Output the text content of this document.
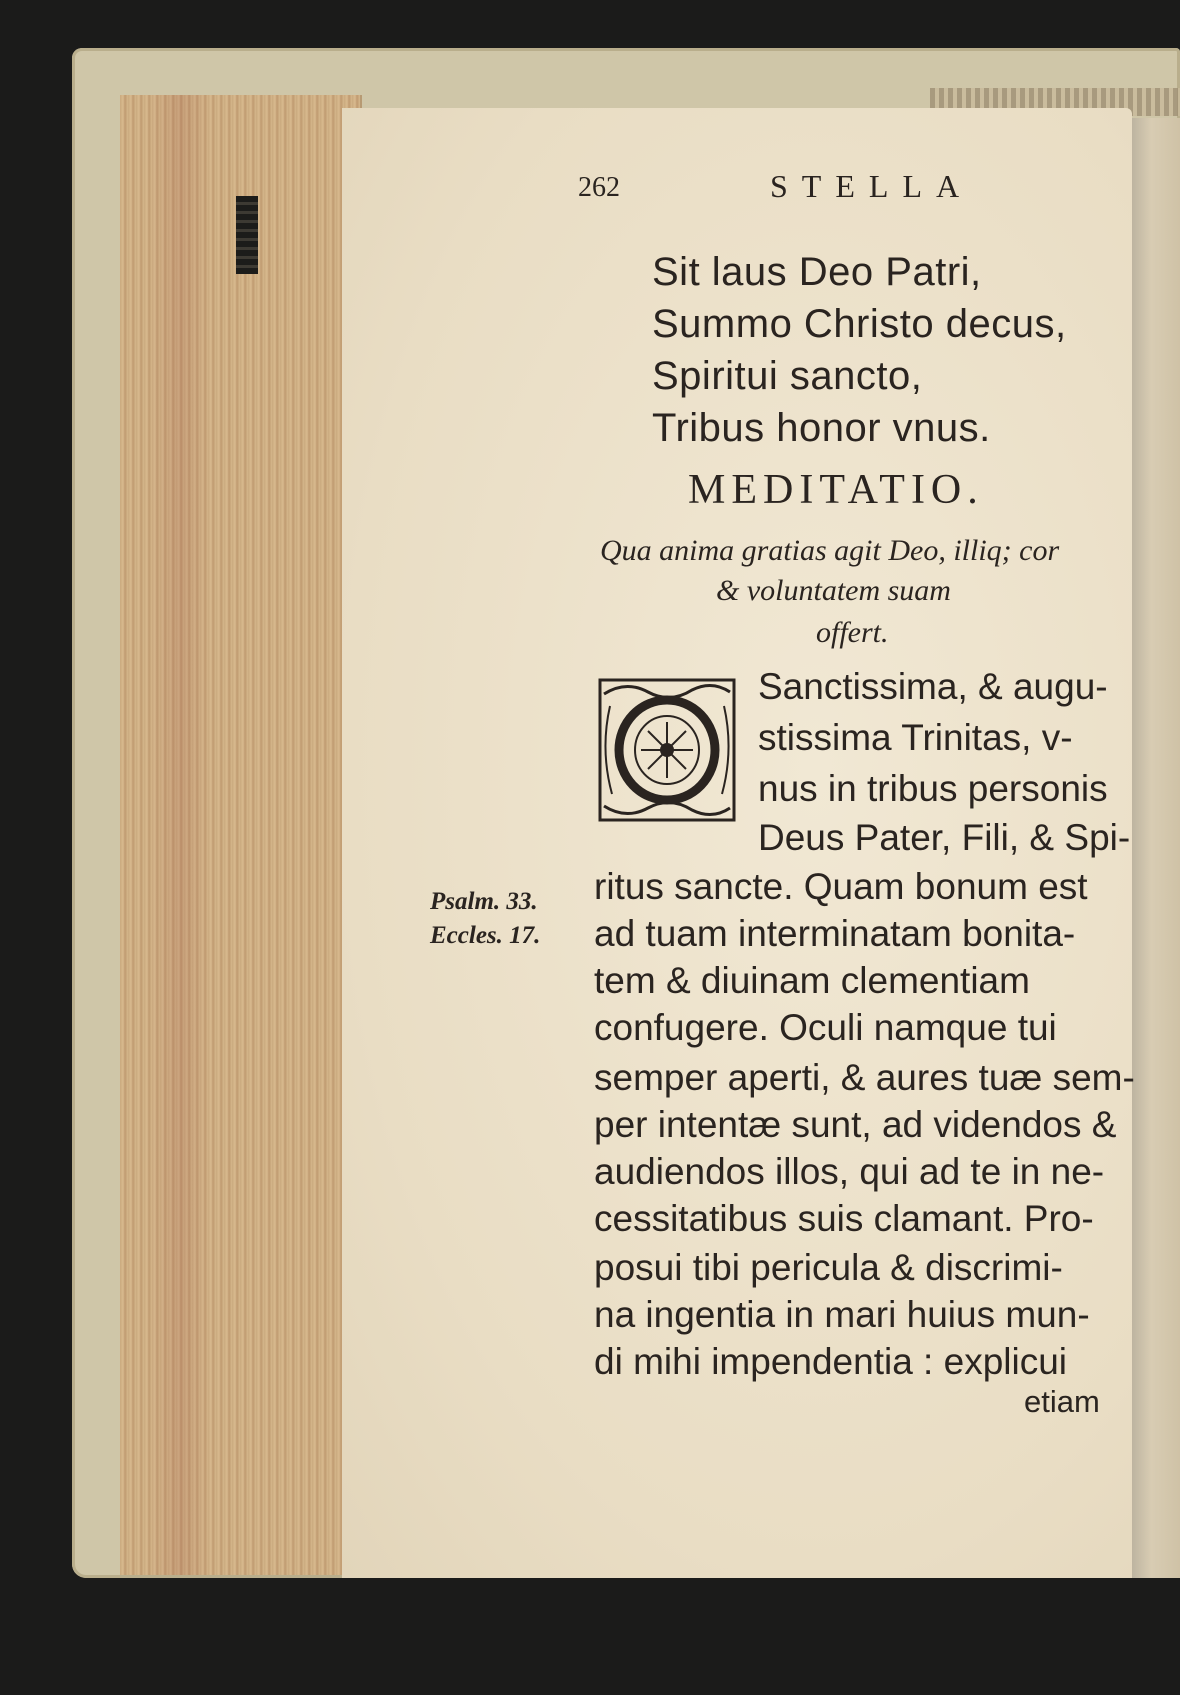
262	STELLA
Sit laus Deo Patri,
Summo Christo decus,
Spiritui sancto,
Tribus honor vnus.
MEDITATIO.
Qua anima gratias agit Deo, illiq; cor
& voluntatem suam
offert.
Sanctissima, & augu-
stissima Trinitas, v-
nus in tribus personis
Deus Pater, Fili, & Spi-
ritus sancte. Quam bonum est
ad tuam interminatam bonita-
tem & diuinam clementiam
confugere. Oculi namque tui
semper aperti, & aures tuæ sem-
per intentæ sunt, ad videndos &
audiendos illos, qui ad te in ne-
cessitatibus suis clamant. Pro-
posui tibi pericula & discrimi-
na ingentia in mari huius mun-
di mihi impendentia : explicui
etiam
Psalm. 33.
Eccles. 17.
